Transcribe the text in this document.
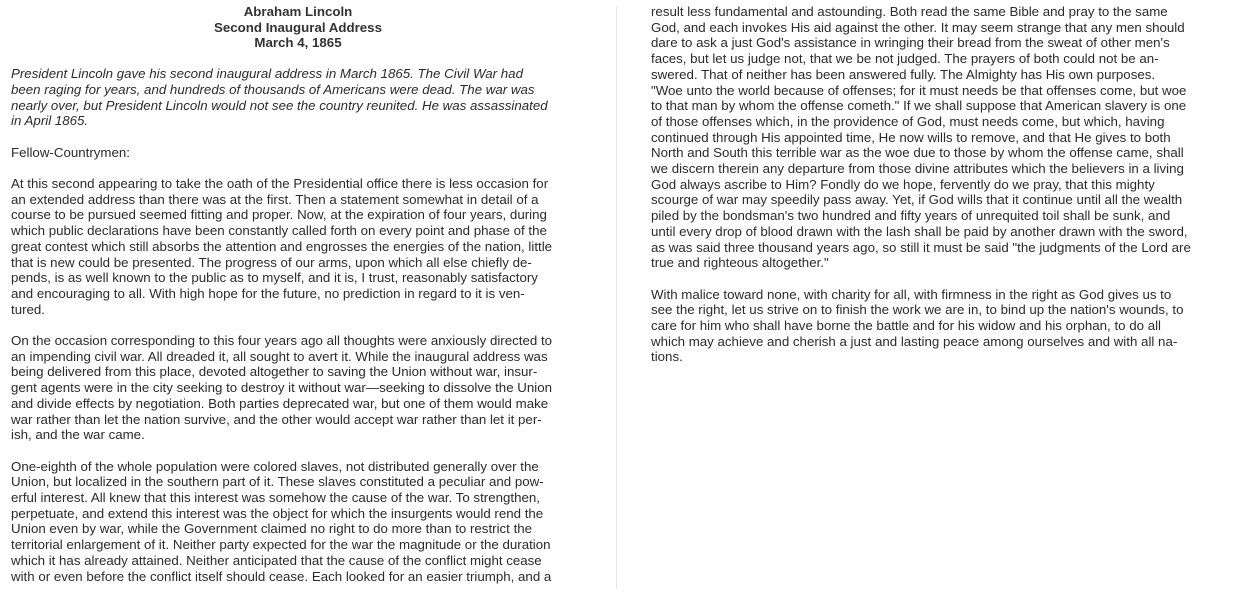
Abraham Lincoln
Second Inaugural Address
March 4, 1865

President Lincoln gave his second inaugural address in March 1865. The Civil War had
been raging for years, and hundreds of thousands of Americans were dead. The war was
nearly over, but President Lincoln would not see the country reunited. He was assassinated
in April 1865.

Fellow-Countrymen:

At this second appearing to take the oath of the Presidential office there is less occasion for
an extended address than there was at the first. Then a statement somewhat in detail of a
course to be pursued seemed fitting and proper. Now, at the expiration of four years, during
which public declarations have been constantly called forth on every point and phase of the
great contest which still absorbs the attention and engrosses the energies of the nation, little
that is new could be presented. The progress of our arms, upon which all else chiefly de-
pends, is as well known to the public as to myself, and it is, I trust, reasonably satisfactory
and encouraging to all. With high hope for the future, no prediction in regard to it is ven-
tured.

On the occasion corresponding to this four years ago all thoughts were anxiously directed to
an impending civil war. All dreaded it, all sought to avert it. While the inaugural address was
being delivered from this place, devoted altogether to saving the Union without war, insur-
gent agents were in the city seeking to destroy it without war—seeking to dissolve the Union
and divide effects by negotiation. Both parties deprecated war, but one of them would make
war rather than let the nation survive, and the other would accept war rather than let it per-
ish, and the war came.

One-eighth of the whole population were colored slaves, not distributed generally over the
Union, but localized in the southern part of it. These slaves constituted a peculiar and pow-
erful interest. All knew that this interest was somehow the cause of the war. To strengthen,
perpetuate, and extend this interest was the object for which the insurgents would rend the
Union even by war, while the Government claimed no right to do more than to restrict the
territorial enlargement of it. Neither party expected for the war the magnitude or the duration
which it has already attained. Neither anticipated that the cause of the conflict might cease
with or even before the conflict itself should cease. Each looked for an easier triumph, and a

result less fundamental and astounding. Both read the same Bible and pray to the same
God, and each invokes His aid against the other. It may seem strange that any men should
dare to ask a just God's assistance in wringing their bread from the sweat of other men's
faces, but let us judge not, that we be not judged. The prayers of both could not be an-
swered. That of neither has been answered fully. The Almighty has His own purposes.
"Woe unto the world because of offenses; for it must needs be that offenses come, but woe
to that man by whom the offense cometh." If we shall suppose that American slavery is one
of those offenses which, in the providence of God, must needs come, but which, having
continued through His appointed time, He now wills to remove, and that He gives to both
North and South this terrible war as the woe due to those by whom the offense came, shall
we discern therein any departure from those divine attributes which the believers in a living
God always ascribe to Him? Fondly do we hope, fervently do we pray, that this mighty
scourge of war may speedily pass away. Yet, if God wills that it continue until all the wealth
piled by the bondsman's two hundred and fifty years of unrequited toil shall be sunk, and
until every drop of blood drawn with the lash shall be paid by another drawn with the sword,
as was said three thousand years ago, so still it must be said "the judgments of the Lord are
true and righteous altogether."

With malice toward none, with charity for all, with firmness in the right as God gives us to
see the right, let us strive on to finish the work we are in, to bind up the nation's wounds, to
care for him who shall have borne the battle and for his widow and his orphan, to do all
which may achieve and cherish a just and lasting peace among ourselves and with all na-
tions.
